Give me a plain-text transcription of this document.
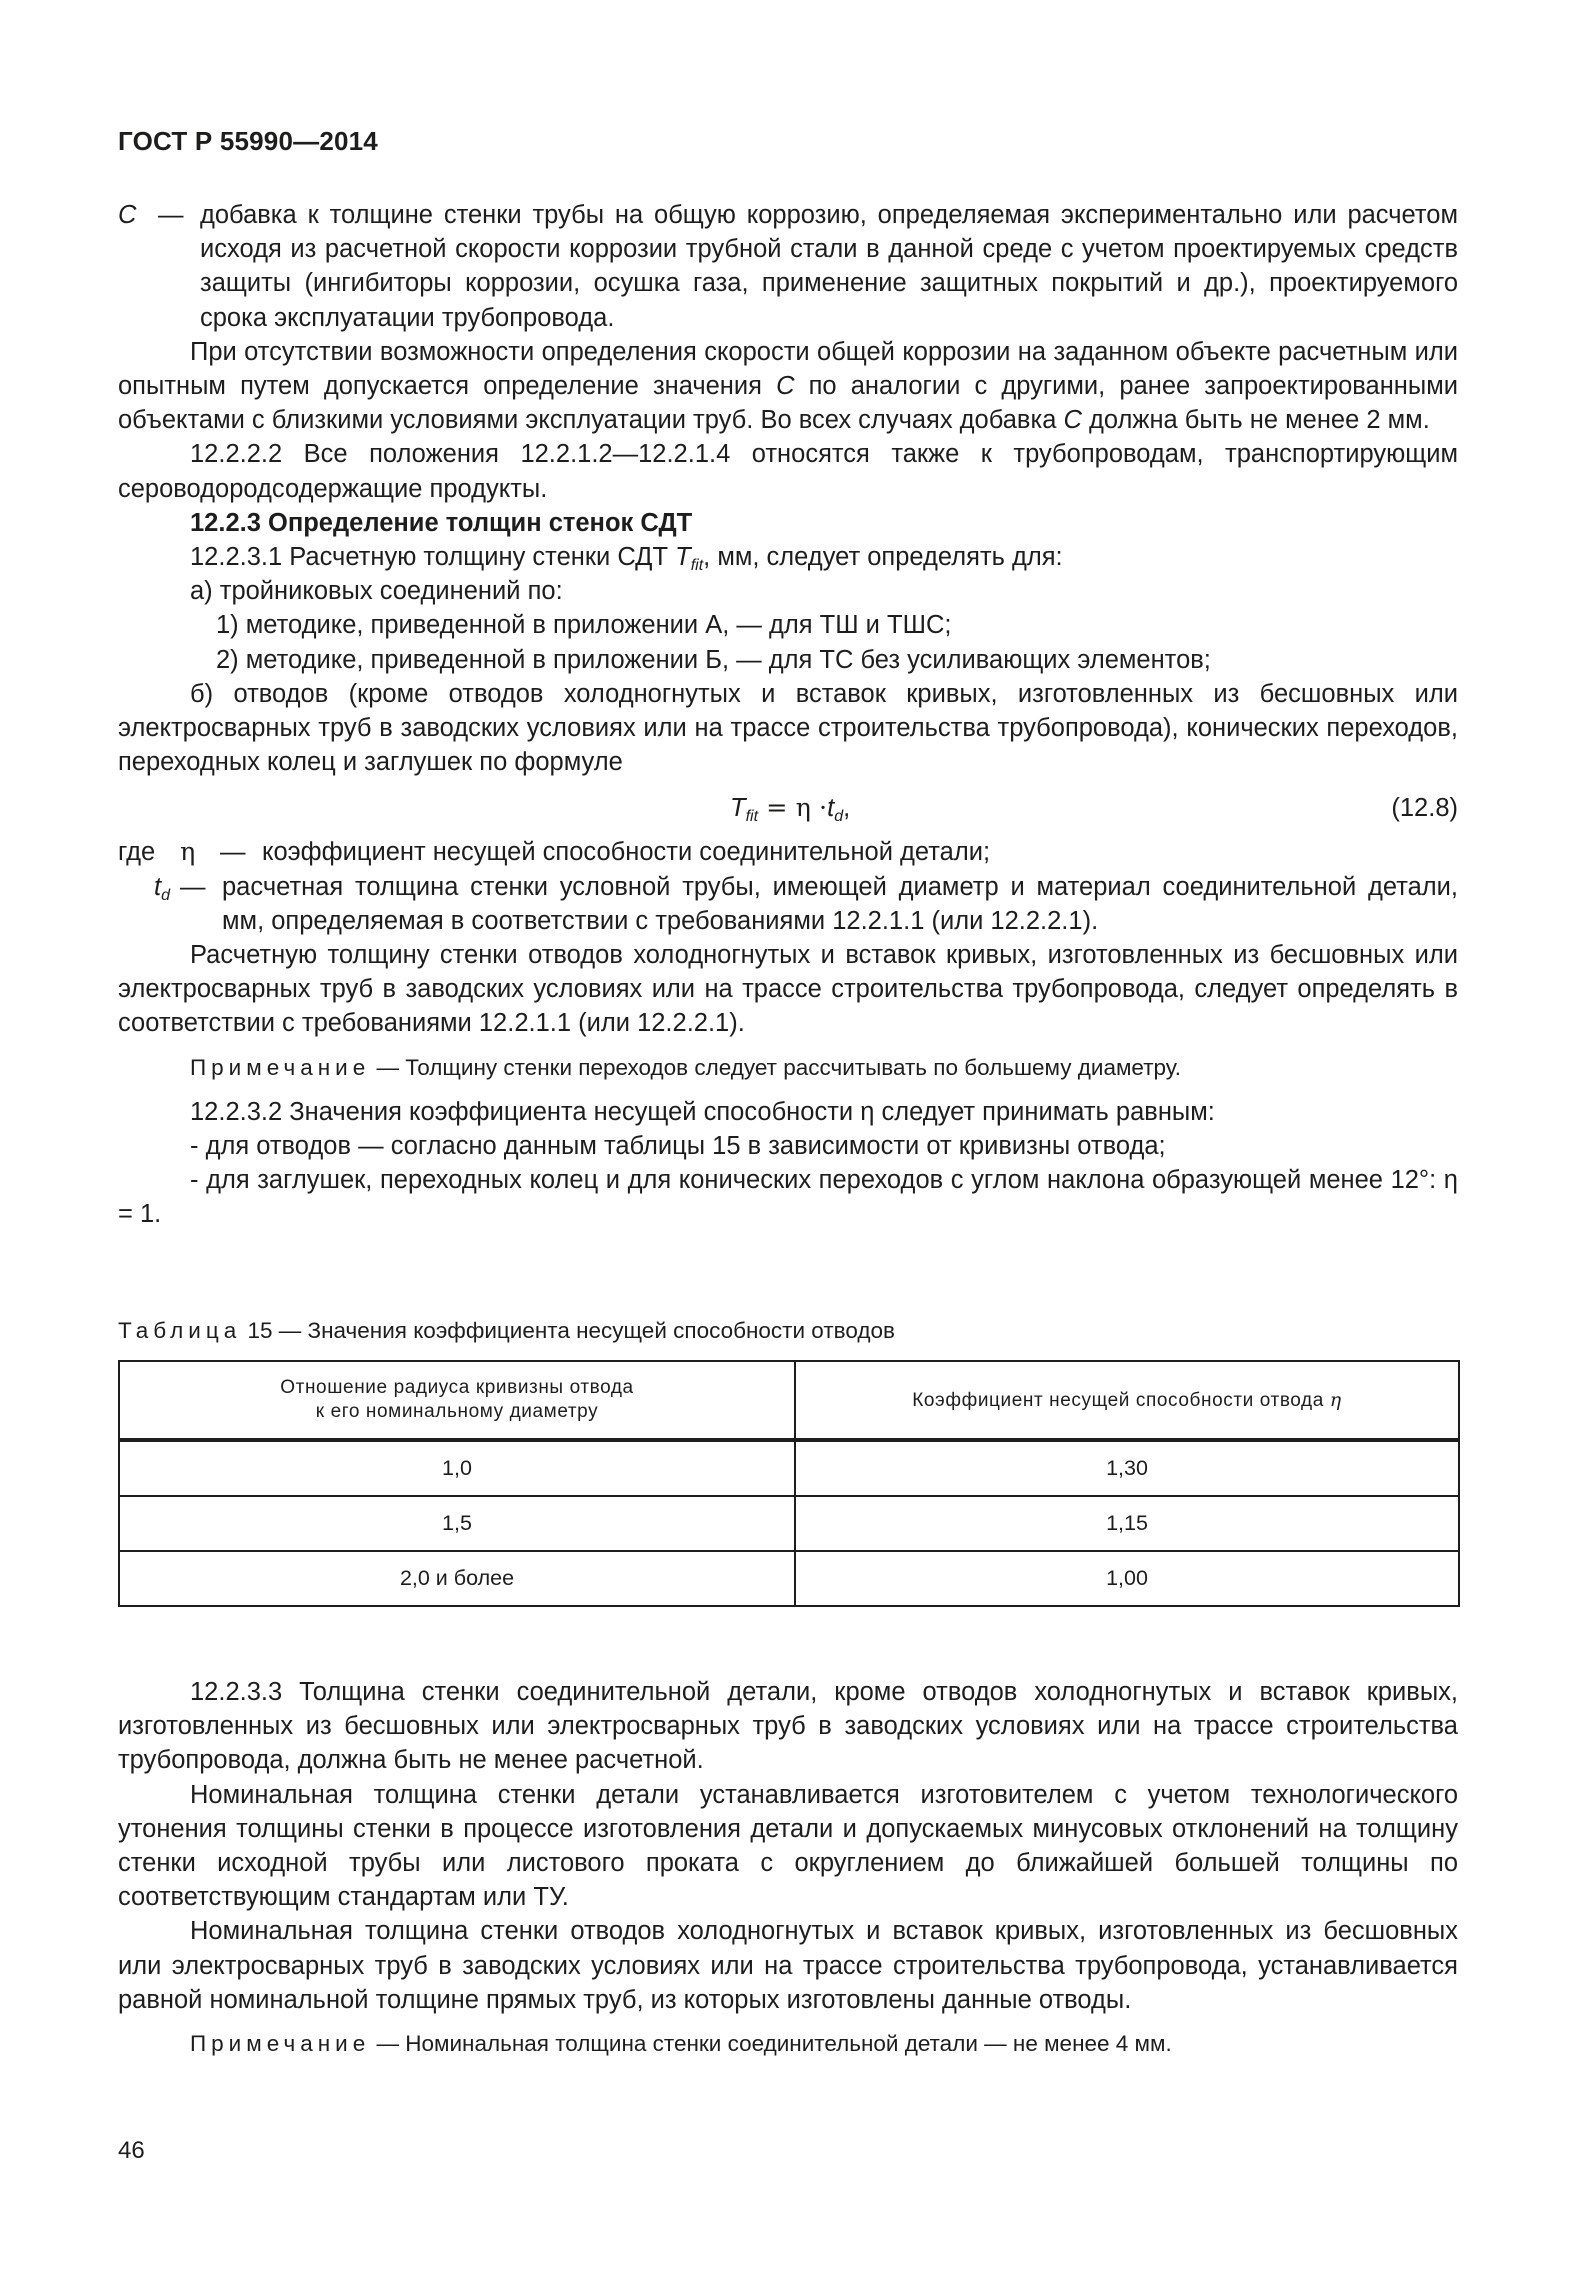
ГОСТ Р 55990—2014
С — добавка к толщине стенки трубы на общую коррозию, определяемая экспериментально или расчетом исходя из расчетной скорости коррозии трубной стали в данной среде с учетом проектируемых средств защиты (ингибиторы коррозии, осушка газа, применение защитных покрытий и др.), проектируемого срока эксплуатации трубопровода.

При отсутствии возможности определения скорости общей коррозии на заданном объекте расчетным или опытным путем допускается определение значения С по аналогии с другими, ранее запроектированными объектами с близкими условиями эксплуатации труб. Во всех случаях добавка С должна быть не менее 2 мм.

12.2.2.2 Все положения 12.2.1.2—12.2.1.4 относятся также к трубопроводам, транспортирующим сероводородсодержащие продукты.

12.2.3 Определение толщин стенок СДТ

12.2.3.1 Расчетную толщину стенки СДТ $T_{fit}$, мм, следует определять для:

а) тройниковых соединений по:

1) методике, приведенной в приложении А, — для ТШ и ТШС;

2) методике, приведенной в приложении Б, — для ТС без усиливающих элементов;

б) отводов (кроме отводов холодногнутых и вставок кривых, изготовленных из бесшовных или электросварных труб в заводских условиях или на трассе строительства трубопровода), конических переходов, переходных колец и заглушек по формуле

$T_{fit} = \eta \cdot t_d$,	(12.8)
где η — коэффициент несущей способности соединительной детали;
$t_d$ — расчетная толщина стенки условной трубы, имеющей диаметр и материал соединительной детали, мм, определяемая в соответствии с требованиями 12.2.1.1 (или 12.2.2.1).

Расчетную толщину стенки отводов холодногнутых и вставок кривых, изготовленных из бесшовных или электросварных труб в заводских условиях или на трассе строительства трубопровода, следует определять в соответствии с требованиями 12.2.1.1 (или 12.2.2.1).

Примечание — Толщину стенки переходов следует рассчитывать по большему диаметру.

12.2.3.2 Значения коэффициента несущей способности η следует принимать равным:

- для отводов — согласно данным таблицы 15 в зависимости от кривизны отвода;

- для заглушек, переходных колец и для конических переходов с углом наклона образующей менее 12°: η = 1.

Таблица 15 — Значения коэффициента несущей способности отводов
Отношение радиуса кривизны отвода
к его номинальному диаметру	Коэффициент несущей способности отвода η
1,0	1,30
1,5	1,15
2,0 и более	1,00

12.2.3.3 Толщина стенки соединительной детали, кроме отводов холодногнутых и вставок кривых, изготовленных из бесшовных или электросварных труб в заводских условиях или на трассе строительства трубопровода, должна быть не менее расчетной.

Номинальная толщина стенки детали устанавливается изготовителем с учетом технологического утонения толщины стенки в процессе изготовления детали и допускаемых минусовых отклонений на толщину стенки исходной трубы или листового проката с округлением до ближайшей большей толщины по соответствующим стандартам или ТУ.

Номинальная толщина стенки отводов холодногнутых и вставок кривых, изготовленных из бесшовных или электросварных труб в заводских условиях или на трассе строительства трубопровода, устанавливается равной номинальной толщине прямых труб, из которых изготовлены данные отводы.

Примечание — Номинальная толщина стенки соединительной детали — не менее 4 мм.

46
